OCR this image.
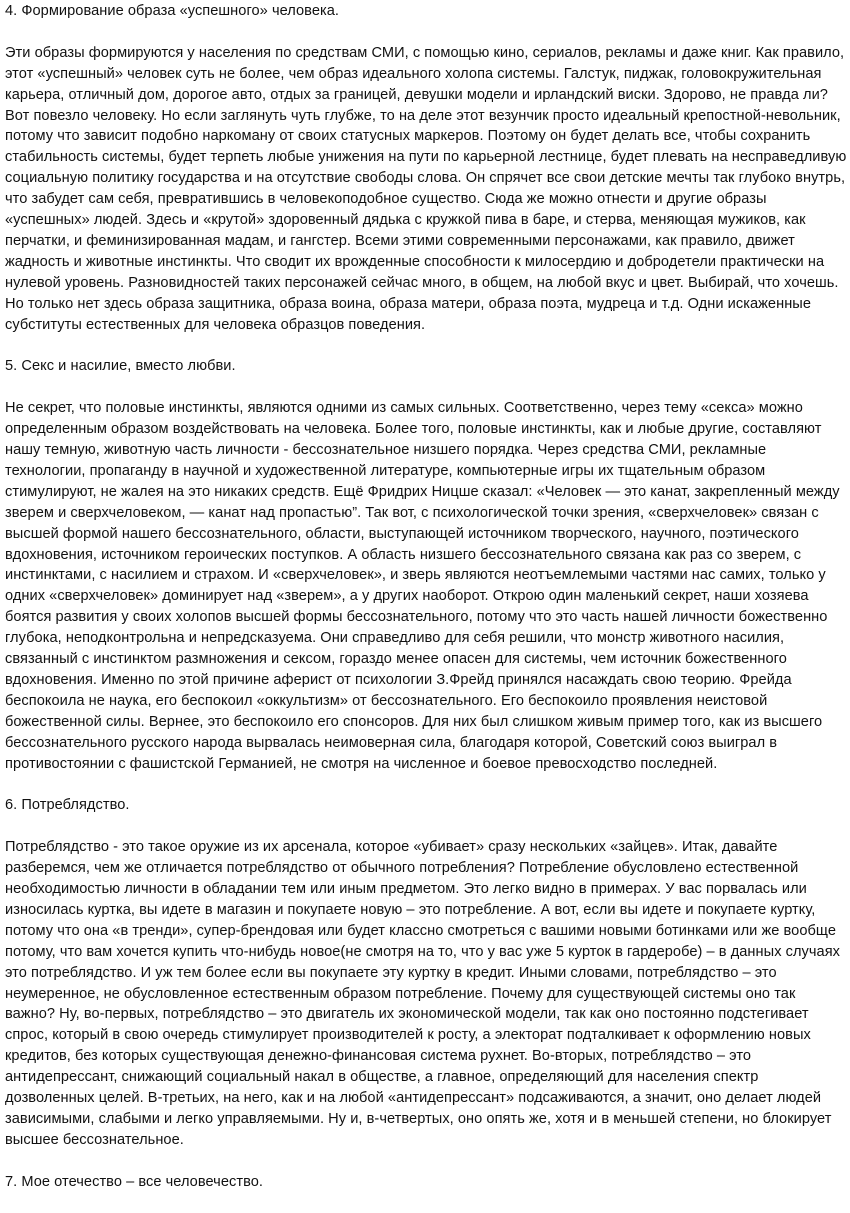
4. Формирование образа «успешного» человека.

Эти образы формируются у населения по средствам СМИ, с помощью кино, сериалов, рекламы и даже книг. Как правило, этот «успешный» человек суть не более, чем образ идеального холопа системы. Галстук, пиджак, головокружительная карьера, отличный дом, дорогое авто, отдых за границей, девушки модели и ирландский виски. Здорово, не правда ли? Вот повезло человеку. Но если заглянуть чуть глубже, то на деле этот везунчик просто идеальный крепостной-невольник, потому что зависит подобно наркоману от своих статусных маркеров. Поэтому он будет делать все, чтобы сохранить стабильность системы, будет терпеть любые унижения на пути по карьерной лестнице, будет плевать на несправедливую социальную политику государства и на отсутствие свободы слова. Он спрячет все свои детские мечты так глубоко внутрь, что забудет сам себя, превратившись в человекоподобное существо. Сюда же можно отнести и другие образы «успешных» людей. Здесь и «крутой» здоровенный дядька с кружкой пива в баре, и стерва, меняющая мужиков, как перчатки, и феминизированная мадам, и гангстер. Всеми этими современными персонажами, как правило, движет жадность и животные инстинкты. Что сводит их врожденные способности к милосердию и добродетели практически на нулевой уровень. Разновидностей таких персонажей сейчас много, в общем, на любой вкус и цвет. Выбирай, что хочешь. Но только нет здесь образа защитника, образа воина, образа матери, образа поэта, мудреца и т.д. Одни искаженные субституты естественных для человека образцов поведения.

5. Секс и насилие, вместо любви.

Не секрет, что половые инстинкты, являются одними из самых сильных. Соответственно, через тему «секса» можно определенным образом воздействовать на человека. Более того, половые инстинкты, как и любые другие, составляют нашу темную, животную часть личности - бессознательное низшего порядка. Через средства СМИ, рекламные технологии, пропаганду в научной и художественной литературе, компьютерные игры их тщательным образом стимулируют, не жалея на это никаких средств. Ещё Фридрих Ницше сказал: «Человек — это канат, закрепленный между зверем и сверхчеловеком, — канат над пропастью”. Так вот, с психологической точки зрения, «сверхчеловек» связан с высшей формой нашего бессознательного, области, выступающей источником творческого, научного, поэтического вдохновения, источником героических поступков. А область низшего бессознательного связана как раз со зверем, с инстинктами, с насилием и страхом. И «сверхчеловек», и зверь являются неотъемлемыми частями нас самих, только у одних «сверхчеловек» доминирует над «зверем», а у других наоборот. Открою один маленький секрет, наши хозяева боятся развития у своих холопов высшей формы бессознательного, потому что это часть нашей личности божественно глубока, неподконтрольна и непредсказуема. Они справедливо для себя решили, что монстр животного насилия, связанный с инстинктом размножения и сексом, гораздо менее опасен для системы, чем источник божественного вдохновения. Именно по этой причине аферист от психологии З.Фрейд принялся насаждать свою теорию. Фрейда беспокоила не наука, его беспокоил «оккультизм» от бессознательного. Его беспокоило проявления неистовой божественной силы. Вернее, это беспокоило его спонсоров. Для них был слишком живым пример того, как из высшего бессознательного русского народа вырвалась неимоверная сила, благодаря которой, Советский союз выиграл в противостоянии с фашистской Германией, не смотря на численное и боевое превосходство последней.

6. Потреблядство.

Потреблядство - это такое оружие из их арсенала, которое «убивает» сразу нескольких «зайцев». Итак, давайте разберемся, чем же отличается потреблядство от обычного потребления? Потребление обусловлено естественной необходимостью личности в обладании тем или иным предметом. Это легко видно в примерах. У вас порвалась или износилась куртка, вы идете в магазин и покупаете новую – это потребление. А вот, если вы идете и покупаете куртку, потому что она «в тренди», супер-брендовая или будет классно смотреться с вашими новыми ботинками или же вообще потому, что вам хочется купить что-нибудь новое(не смотря на то, что у вас уже 5 курток в гардеробе) – в данных случаях это потреблядство. И уж тем более если вы покупаете эту куртку в кредит. Иными словами, потреблядство – это неумеренное, не обусловленное естественным образом потребление. Почему для существующей системы оно так важно? Ну, во-первых, потреблядство – это двигатель их экономической модели, так как оно постоянно подстегивает спрос, который в свою очередь стимулирует производителей к росту, а электорат подталкивает к оформлению новых кредитов, без которых существующая денежно-финансовая система рухнет. Во-вторых, потреблядство – это антидепрессант, снижающий социальный накал в обществе, а главное, определяющий для населения спектр дозволенных целей. В-третьих, на него, как и на любой «антидепрессант» подсаживаются, а значит, оно делает людей зависимыми, слабыми и легко управляемыми. Ну и, в-четвертых, оно опять же, хотя и в меньшей степени, но блокирует высшее бессознательное.

7. Мое отечество – все человечество.
